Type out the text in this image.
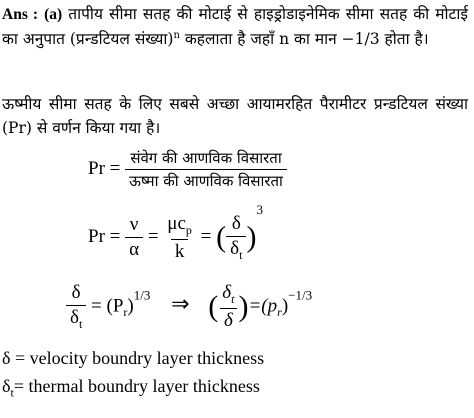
Ans : (a) तापीय सीमा सतह की मोटाई से हाइड्रोडाइनेमिक सीमा सतह की मोटाई का अनुपात (प्रन्डटियल संख्या)$^n$ कहलाता है जहाँ n का मान −1/3 होता है।
ऊष्मीय सीमा सतह के लिए सबसे अच्छा आयामरहित पैरामीटर प्रन्डटियल संख्या (Pr) से वर्णन किया गया है।
$Pr = \frac{\text{संवेग की आणविक विसारता}}{\text{ऊष्मा की आणविक विसारता}}$
$Pr = \frac{\nu}{\alpha} = \frac{\mu c_p}{k}$ = ( $\frac{\delta}{\delta_t} )^3$
$\frac{\delta}{\delta_t} = (P_r)^{1/3}$ ⇒ ( $\frac{\delta_t}{\delta} )=(p_r)^{-1/3}$
δ = velocity boundry layer thickness
$\delta_t=$ thermal boundry layer thickness
